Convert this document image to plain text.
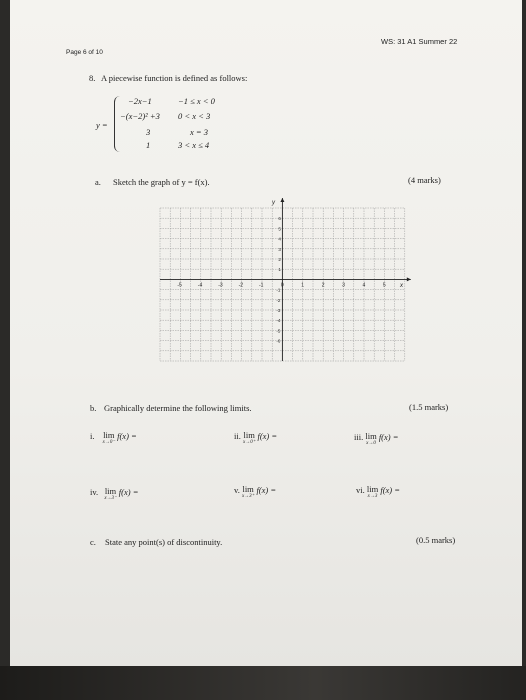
WS: 31 A1 Summer 22
Page 6 of 10
8. A piecewise function is defined as follows:
y =
−2x−1	−1 ≤ x < 0
−(x−2)² +3 0 < x < 3
3	x = 3
1	3 < x ≤ 4
a. Sketch the graph of y = f(x).	(4 marks)
-5	-4	-3	-2	-1	0	1	2	3	4	5
6
5
4
3
2
1
-1
-2
-3
-4
-5
-6
x
y
b. Graphically determine the following limits.	(1.5 marks)
i. lim
x→0⁻
f(x) =	ii. lim
x→0⁺
f(x) =	iii. lim
x→0
f(x) =
iv. lim
x→3⁻
f(x) =	v. lim
x→3⁺
f(x) =	vi. lim
x→3
f(x) =
c. State any point(s) of discontinuity.	(0.5 marks)
